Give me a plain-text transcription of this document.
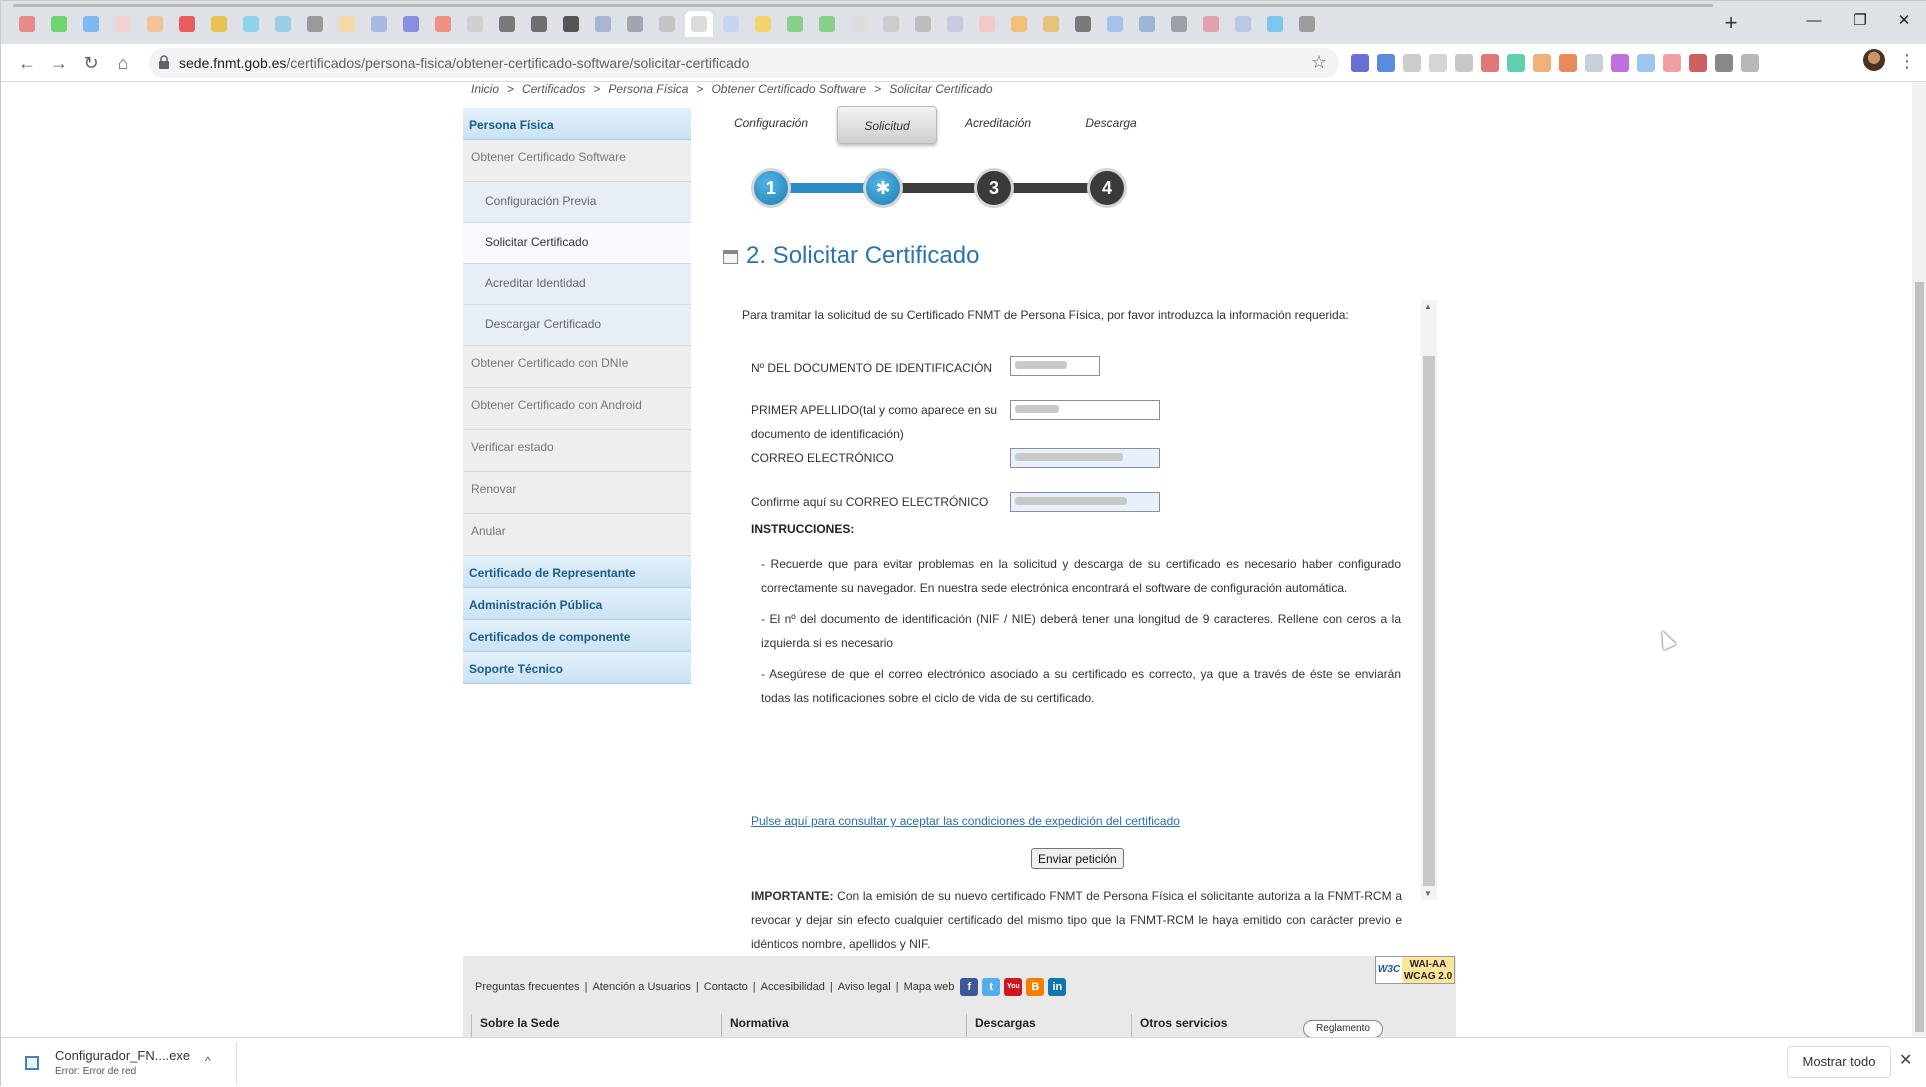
+	—	❐	✕
← → ↻	⌂	sede.fnmt.gob.es/certificados/persona-fisica/obtener-certificado-software/solicitar-certificado	☆	⋮
Inicio > Certificados > Persona Física > Obtener Certificado Software > Solicitar Certificado
Persona Física
Obtener Certificado Software
Configuración Previa
Solicitar Certificado
Acreditar Identidad
Descargar Certificado
Obtener Certificado con DNIe
Obtener Certificado con Android
Verificar estado
Renovar
Anular
Certificado de Representante
Administración Pública
Certificados de componente
Soporte Técnico
Configuración	Solicitud	Acreditación	Descarga
1	✱	3	4
2. Solicitar Certificado
Para tramitar la solicitud de su Certificado FNMT de Persona Física, por favor introduzca la información requerida:
Nº DEL DOCUMENTO DE IDENTIFICACIÓN
PRIMER APELLIDO(tal y como aparece en su
documento de identificación)
CORREO ELECTRÓNICO
Confirme aquí su CORREO ELECTRÓNICO
INSTRUCCIONES:
- Recuerde que para evitar problemas en la solicitud y descarga de su certificado es necesario haber configurado correctamente su navegador. En nuestra sede electrónica encontrará el software de configuración automática.
- El nº del documento de identificación (NIF / NIE) deberá tener una longitud de 9 caracteres. Rellene con ceros a la izquierda si es necesario
- Asegúrese de que el correo electrónico asociado a su certificado es correcto, ya que a través de éste se enviarán todas las notificaciones sobre el ciclo de vida de su certificado.
Pulse aquí para consultar y aceptar las condiciones de expedición del certificado
Enviar petición
IMPORTANTE: Con la emisión de su nuevo certificado FNMT de Persona Física el solicitante autoriza a la FNMT-RCM a revocar y dejar sin efecto cualquier certificado del mismo tipo que la FNMT-RCM le haya emitido con carácter previo e idénticos nombre, apellidos y NIF.
▲
▼
Preguntas frecuentes | Atención a Usuarios | Contacto | Accesibilidad | Aviso legal | Mapa web	f	t	You	B	in
W3C WAI-AA
WCAG 2.0
Sobre la Sede	Normativa	Descargas	Otros servicios	Reglamento
Configurador_FN....exe
Error: Error de red
^	Mostrar todo	✕
